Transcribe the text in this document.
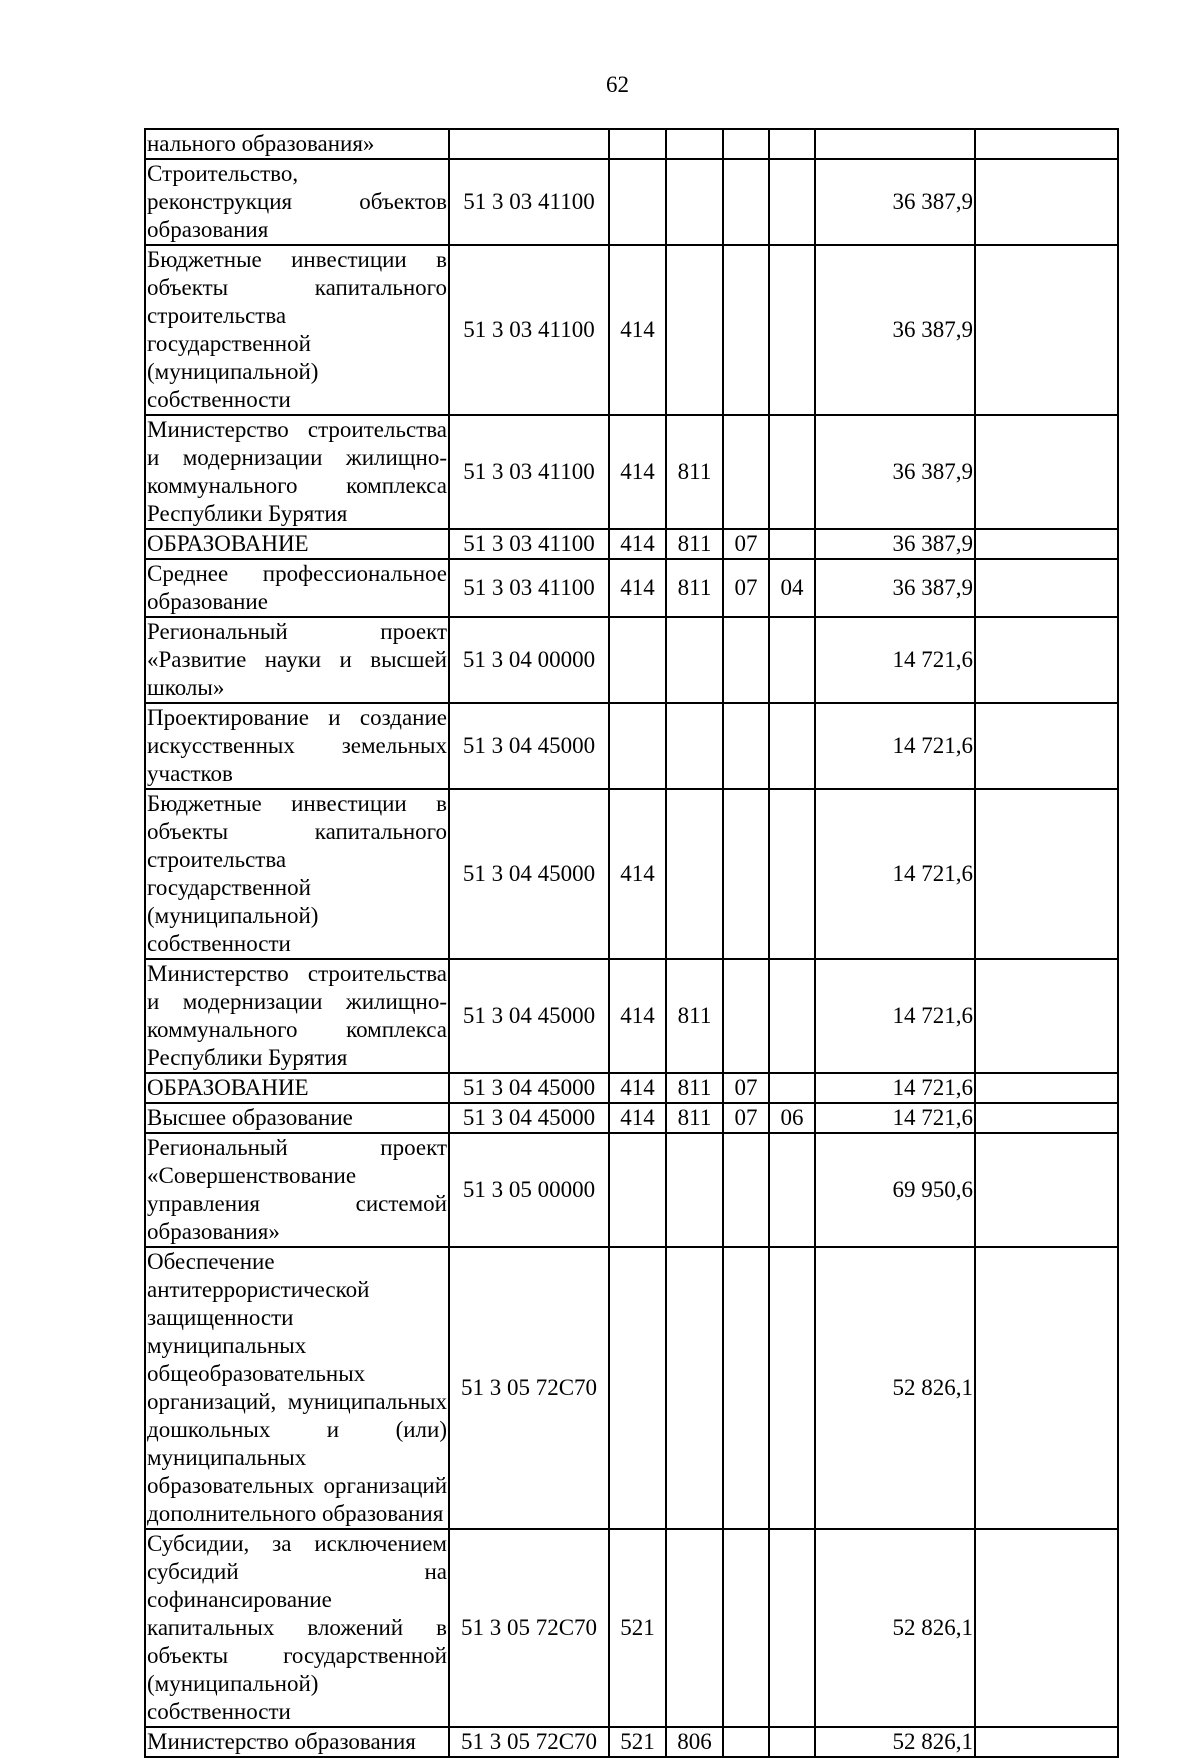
62
нального образования»							
Строительство, реконструкция объектов образования	51 3 03 41100					36 387,9	
Бюджетные инвестиции в объекты капитального строительства государственной (муниципальной) собственности	51 3 03 41100	414				36 387,9	
Министерство строительства и модернизации жилищно-коммунального комплекса Республики Бурятия	51 3 03 41100	414	811			36 387,9	
ОБРАЗОВАНИЕ	51 3 03 41100	414	811	07		36 387,9	
Среднее профессиональное образование	51 3 03 41100	414	811	07	04	36 387,9	
Региональный проект «Развитие науки и высшей школы»	51 3 04 00000					14 721,6	
Проектирование и создание искусственных земельных участков	51 3 04 45000					14 721,6	
Бюджетные инвестиции в объекты капитального строительства государственной (муниципальной) собственности	51 3 04 45000	414				14 721,6	
Министерство строительства и модернизации жилищно-коммунального комплекса Республики Бурятия	51 3 04 45000	414	811			14 721,6	
ОБРАЗОВАНИЕ	51 3 04 45000	414	811	07		14 721,6	
Высшее образование	51 3 04 45000	414	811	07	06	14 721,6	
Региональный проект «Совершенствование управления системой образования»	51 3 05 00000					69 950,6	
Обеспечение антитеррористической защищенности муниципальных общеобразовательных организаций, муниципальных дошкольных и (или) муниципальных образовательных организаций дополнительного образования	51 3 05 72С70					52 826,1	
Субсидии, за исключением субсидий на софинансирование капитальных вложений в объекты государственной (муниципальной) собственности	51 3 05 72С70	521				52 826,1	
Министерство образования	51 3 05 72С70	521	806			52 826,1	
